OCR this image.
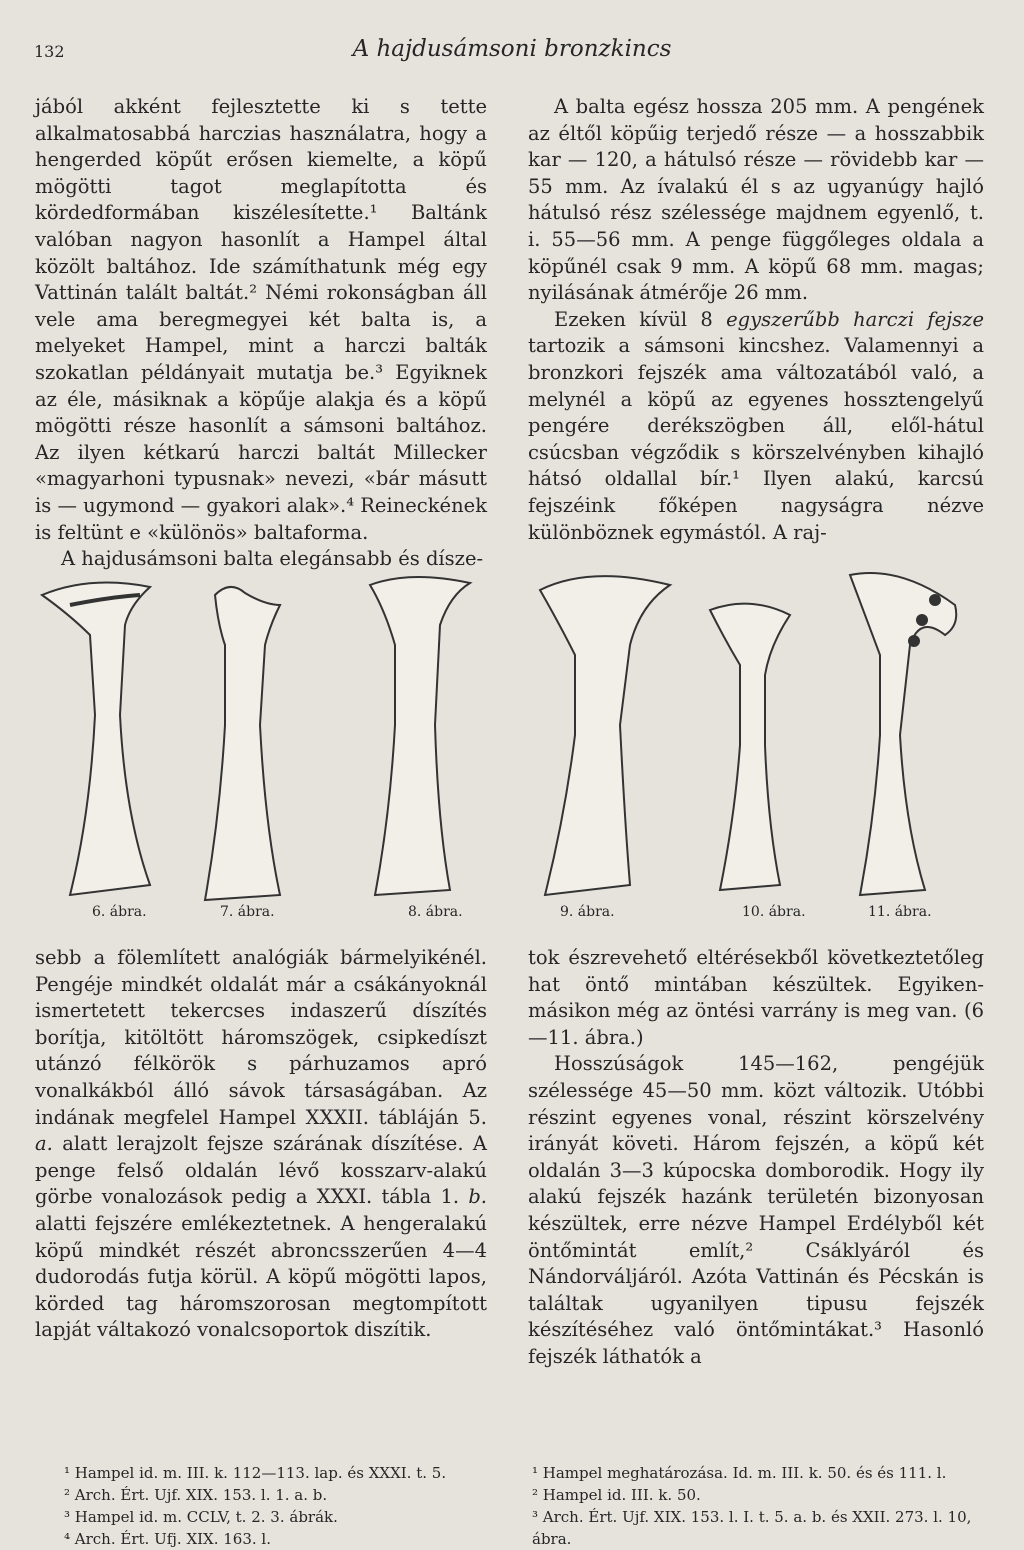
132	A hajdusámsoni bronzkincs

jából akként fejlesztette ki s tette alkalmatosabbá harczias használatra, hogy a hengerded köpűt erősen kiemelte, a köpű mögötti tagot meglapította és kördedformában kiszélesítette.¹ Baltánk valóban nagyon hasonlít a Hampel által közölt baltához. Ide számíthatunk még egy Vattinán talált baltát.² Némi rokonságban áll vele ama beregmegyei két balta is, a melyeket Hampel, mint a harczi balták szokatlan példányait mutatja be.³ Egyiknek az éle, másiknak a köpűje alakja és a köpű mögötti része hasonlít a sámsoni baltához. Az ilyen kétkarú harczi baltát Millecker «magyarhoni typusnak» nevezi, «bár másutt is — ugymond — gyakori alak».⁴ Reineckének is feltünt e «különös» baltaforma.

A hajdusámsoni balta elegánsabb és dísze-

A balta egész hossza 205 mm. A pengének az éltől köpűig terjedő része — a hosszabbik kar — 120, a hátulsó része — rövidebb kar — 55 mm. Az ívalakú él s az ugyanúgy hajló hátulsó rész szélessége majdnem egyenlő, t. i. 55—56 mm. A penge függőleges oldala a köpűnél csak 9 mm. A köpű 68 mm. magas; nyilásának átmérője 26 mm.

Ezeken kívül 8 egyszerűbb harczi fejsze tartozik a sámsoni kincshez. Valamennyi a bronzkori fejszék ama változatából való, a melynél a köpű az egyenes hossztengelyű pengére derékszögben áll, elől-hátul csúcsban végződik s körszelvényben kihajló hátsó oldallal bír.¹ Ilyen alakú, karcsú fejszéink főképen nagyságra nézve különböznek egymástól. A raj-

6. ábra.	7. ábra.	8. ábra.	9. ábra.	10. ábra.	11. ábra.

sebb a fölemlített analógiák bármelyikénél. Pengéje mindkét oldalát már a csákányoknál ismertetett tekercses indaszerű díszítés borítja, kitöltött háromszögek, csipkedíszt utánzó félkörök s párhuzamos apró vonalkákból álló sávok társaságában. Az indának megfelel Hampel XXXII. tábláján 5. a. alatt lerajzolt fejsze szárának díszítése. A penge felső oldalán lévő kosszarv-alakú görbe vonalozások pedig a XXXI. tábla 1. b. alatti fejszére emlékeztetnek. A hengeralakú köpű mindkét részét abroncsszerűen 4—4 dudorodás futja körül. A köpű mögötti lapos, körded tag háromszorosan megtompított lapját váltakozó vonalcsoportok diszítik.

tok észrevehető eltérésekből következtetőleg hat öntő mintában készültek. Egyiken-másikon még az öntési varrány is meg van. (6—11. ábra.)

Hosszúságok 145—162, pengéjük szélessége 45—50 mm. közt változik. Utóbbi részint egyenes vonal, részint körszelvény irányát követi. Három fejszén, a köpű két oldalán 3—3 kúpocska domborodik. Hogy ily alakú fejszék hazánk területén bizonyosan készültek, erre nézve Hampel Erdélyből két öntőmintát említ,² Csáklyáról és Nándorváljáról. Azóta Vattinán és Pécskán is találtak ugyanilyen tipusu fejszék készítéséhez való öntőmintákat.³ Hasonló fejszék láthatók a

¹ Hampel id. m. III. k. 112—113. lap. és XXXI. t. 5.

² Arch. Ért. Ujf. XIX. 153. l. 1. a. b.

³ Hampel id. m. CCLV, t. 2. 3. ábrák.

⁴ Arch. Ért. Ufj. XIX. 163. l.

¹ Hampel meghatározása. Id. m. III. k. 50. és és 111. l.

² Hampel id. III. k. 50.

³ Arch. Ért. Ujf. XIX. 153. l. I. t. 5. a. b. és XXII. 273. l. 10, ábra.
